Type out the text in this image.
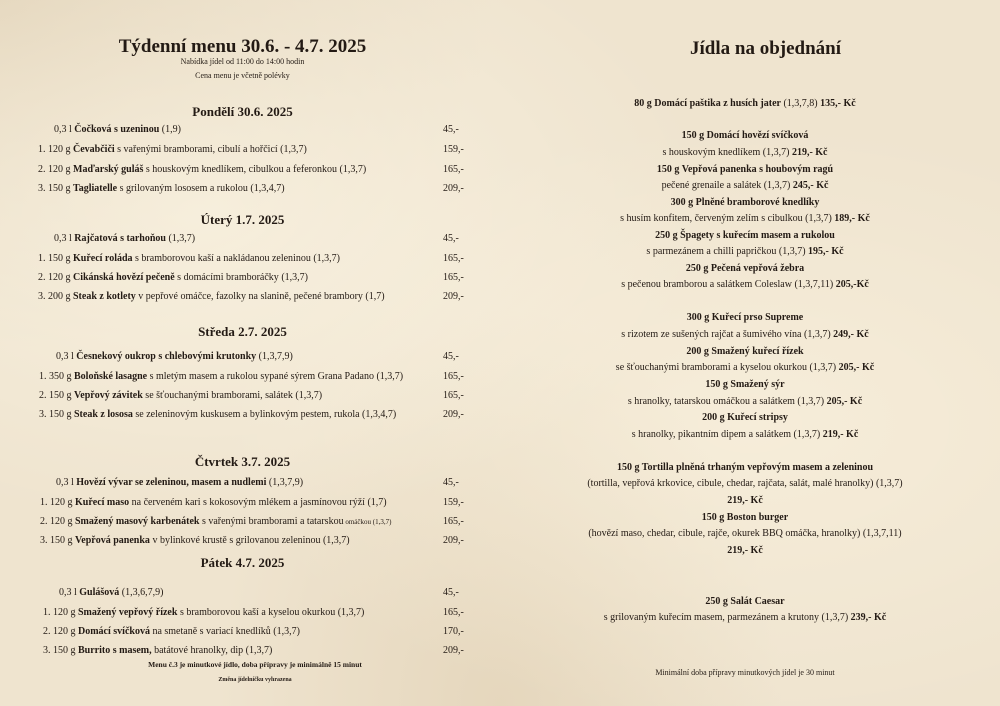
Týdenní menu 30.6. - 4.7. 2025
Nabídka jídel od 11:00 do 14:00 hodin
Cena menu je včetně polévky
Pondělí 30.6. 2025
0,3 l Čočková s uzeninou (1,9)	45,-
1. 120 g Čevabčiči s vařenými bramborami, cibulí a hořčicí (1,3,7)	159,-
2. 120 g Maďarský guláš s houskovým knedlíkem, cibulkou a feferonkou (1,3,7)	165,-
3. 150 g Tagliatelle s grilovaným lososem a rukolou (1,3,4,7)	209,-
Úterý 1.7. 2025
0,3 l Rajčatová s tarhoňou (1,3,7)	45,-
1. 150 g Kuřecí roláda s bramborovou kaší a nakládanou zeleninou (1,3,7)	165,-
2. 120 g Cikánská hovězí pečeně s domácími bramboráčky (1,3,7)	165,-
3. 200 g Steak z kotlety v pepřové omáčce, fazolky na slanině, pečené brambory (1,7)	209,-
Středa 2.7. 2025
0,3 l Česnekový oukrop s chlebovými krutonky (1,3,7,9)	45,-
1. 350 g Boloňské lasagne s mletým masem a rukolou sypané sýrem Grana Padano (1,3,7)	165,-
2. 150 g Vepřový závitek se šťouchanými bramborami, salátek (1,3,7)	165,-
3. 150 g Steak z lososa se zeleninovým kuskusem a bylinkovým pestem, rukola (1,3,4,7)	209,-
Čtvrtek 3.7. 2025
0,3 l Hovězí vývar se zeleninou, masem a nudlemi (1,3,7,9)	45,-
1. 120 g Kuřecí maso na červeném kari s kokosovým mlékem a jasmínovou rýží (1,7)	159,-
2. 120 g Smažený masový karbenátek s vařenými bramborami a tatarskou omáčkou (1,3,7)	165,-
3. 150 g Vepřová panenka v bylinkové krustě s grilovanou zeleninou (1,3,7)	209,-
Pátek 4.7. 2025
0,3 l Gulášová (1,3,6,7,9)	45,-
1. 120 g Smažený vepřový řízek s bramborovou kaší a kyselou okurkou (1,3,7)	165,-
2. 120 g Domácí svíčková na smetaně s variací knedlíků (1,3,7)	170,-
3. 150 g Burrito s masem, batátové hranolky, dip (1,3,7)	209,-
Menu č.3 je minutkové jídlo, doba přípravy je minimálně 15 minut
Změna jídelníčku vyhrazena
Jídla na objednání
80 g Domácí paštika z husích jater (1,3,7,8) 135,- Kč
150 g Domácí hovězí svíčková
s houskovým knedlíkem (1,3,7) 219,- Kč
150 g Vepřová panenka s houbovým ragú
pečené grenaile a salátek (1,3,7) 245,- Kč
300 g Plněné bramborové knedlíky
s husím konfitem, červeným zelím s cibulkou (1,3,7) 189,- Kč
250 g Špagety s kuřecím masem a rukolou
s parmezánem a chilli papričkou (1,3,7) 195,- Kč
250 g Pečená vepřová žebra
s pečenou bramborou a salátkem Coleslaw (1,3,7,11) 205,-Kč
300 g Kuřecí prso Supreme
s rizotem ze sušených rajčat a šumivého vína (1,3,7) 249,- Kč
200 g Smažený kuřecí řízek
se šťouchanými bramborami a kyselou okurkou (1,3,7) 205,- Kč
150 g Smažený sýr
s hranolky, tatarskou omáčkou a salátkem (1,3,7) 205,- Kč
200 g Kuřecí stripsy
s hranolky, pikantním dipem a salátkem (1,3,7) 219,- Kč
150 g Tortilla plněná trhaným vepřovým masem a zeleninou
(tortilla, vepřová krkovice, cibule, chedar, rajčata, salát, malé hranolky) (1,3,7)
219,- Kč
150 g Boston burger
(hovězí maso, chedar, cibule, rajče, okurek BBQ omáčka, hranolky) (1,3,7,11)
219,- Kč
250 g Salát Caesar
s grilovaným kuřecím masem, parmezánem a krutony (1,3,7) 239,- Kč
Minimální doba přípravy minutkových jídel je 30 minut
